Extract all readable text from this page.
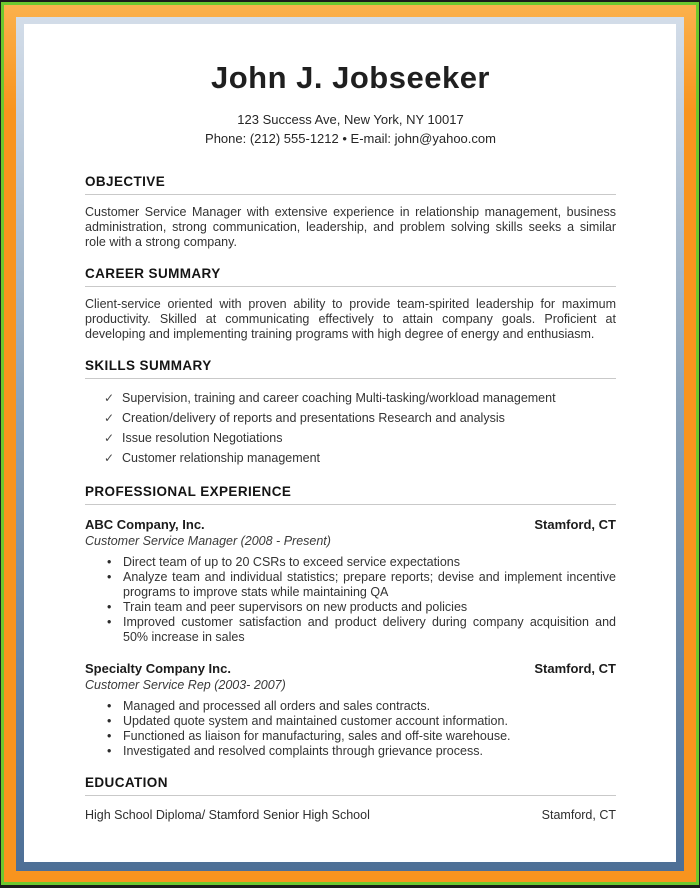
John J. Jobseeker
123 Success Ave, New York, NY 10017
Phone: (212) 555-1212 • E-mail: john@yahoo.com
OBJECTIVE

Customer Service Manager with extensive experience in relationship management, business administration, strong communication, leadership, and problem solving skills seeks a similar role with a strong company.

CAREER SUMMARY

Client-service oriented with proven ability to provide team-spirited leadership for maximum productivity. Skilled at communicating effectively to attain company goals. Proficient at developing and implementing training programs with high degree of energy and enthusiasm.

SKILLS SUMMARY
✓ Supervision, training and career coaching Multi-tasking/workload management
✓ Creation/delivery of reports and presentations Research and analysis
✓ Issue resolution Negotiations
✓ Customer relationship management
PROFESSIONAL EXPERIENCE
ABC Company, Inc.	Stamford, CT
Customer Service Manager (2008 - Present)
• Direct team of up to 20 CSRs to exceed service expectations
• Analyze team and individual statistics; prepare reports; devise and implement incentive programs to improve stats while maintaining QA
• Train team and peer supervisors on new products and policies
• Improved customer satisfaction and product delivery during company acquisition and 50% increase in sales
Specialty Company Inc.	Stamford, CT
Customer Service Rep (2003- 2007)
• Managed and processed all orders and sales contracts.
• Updated quote system and maintained customer account information.
• Functioned as liaison for manufacturing, sales and off-site warehouse.
• Investigated and resolved complaints through grievance process.
EDUCATION
High School Diploma/ Stamford Senior High School	Stamford, CT
